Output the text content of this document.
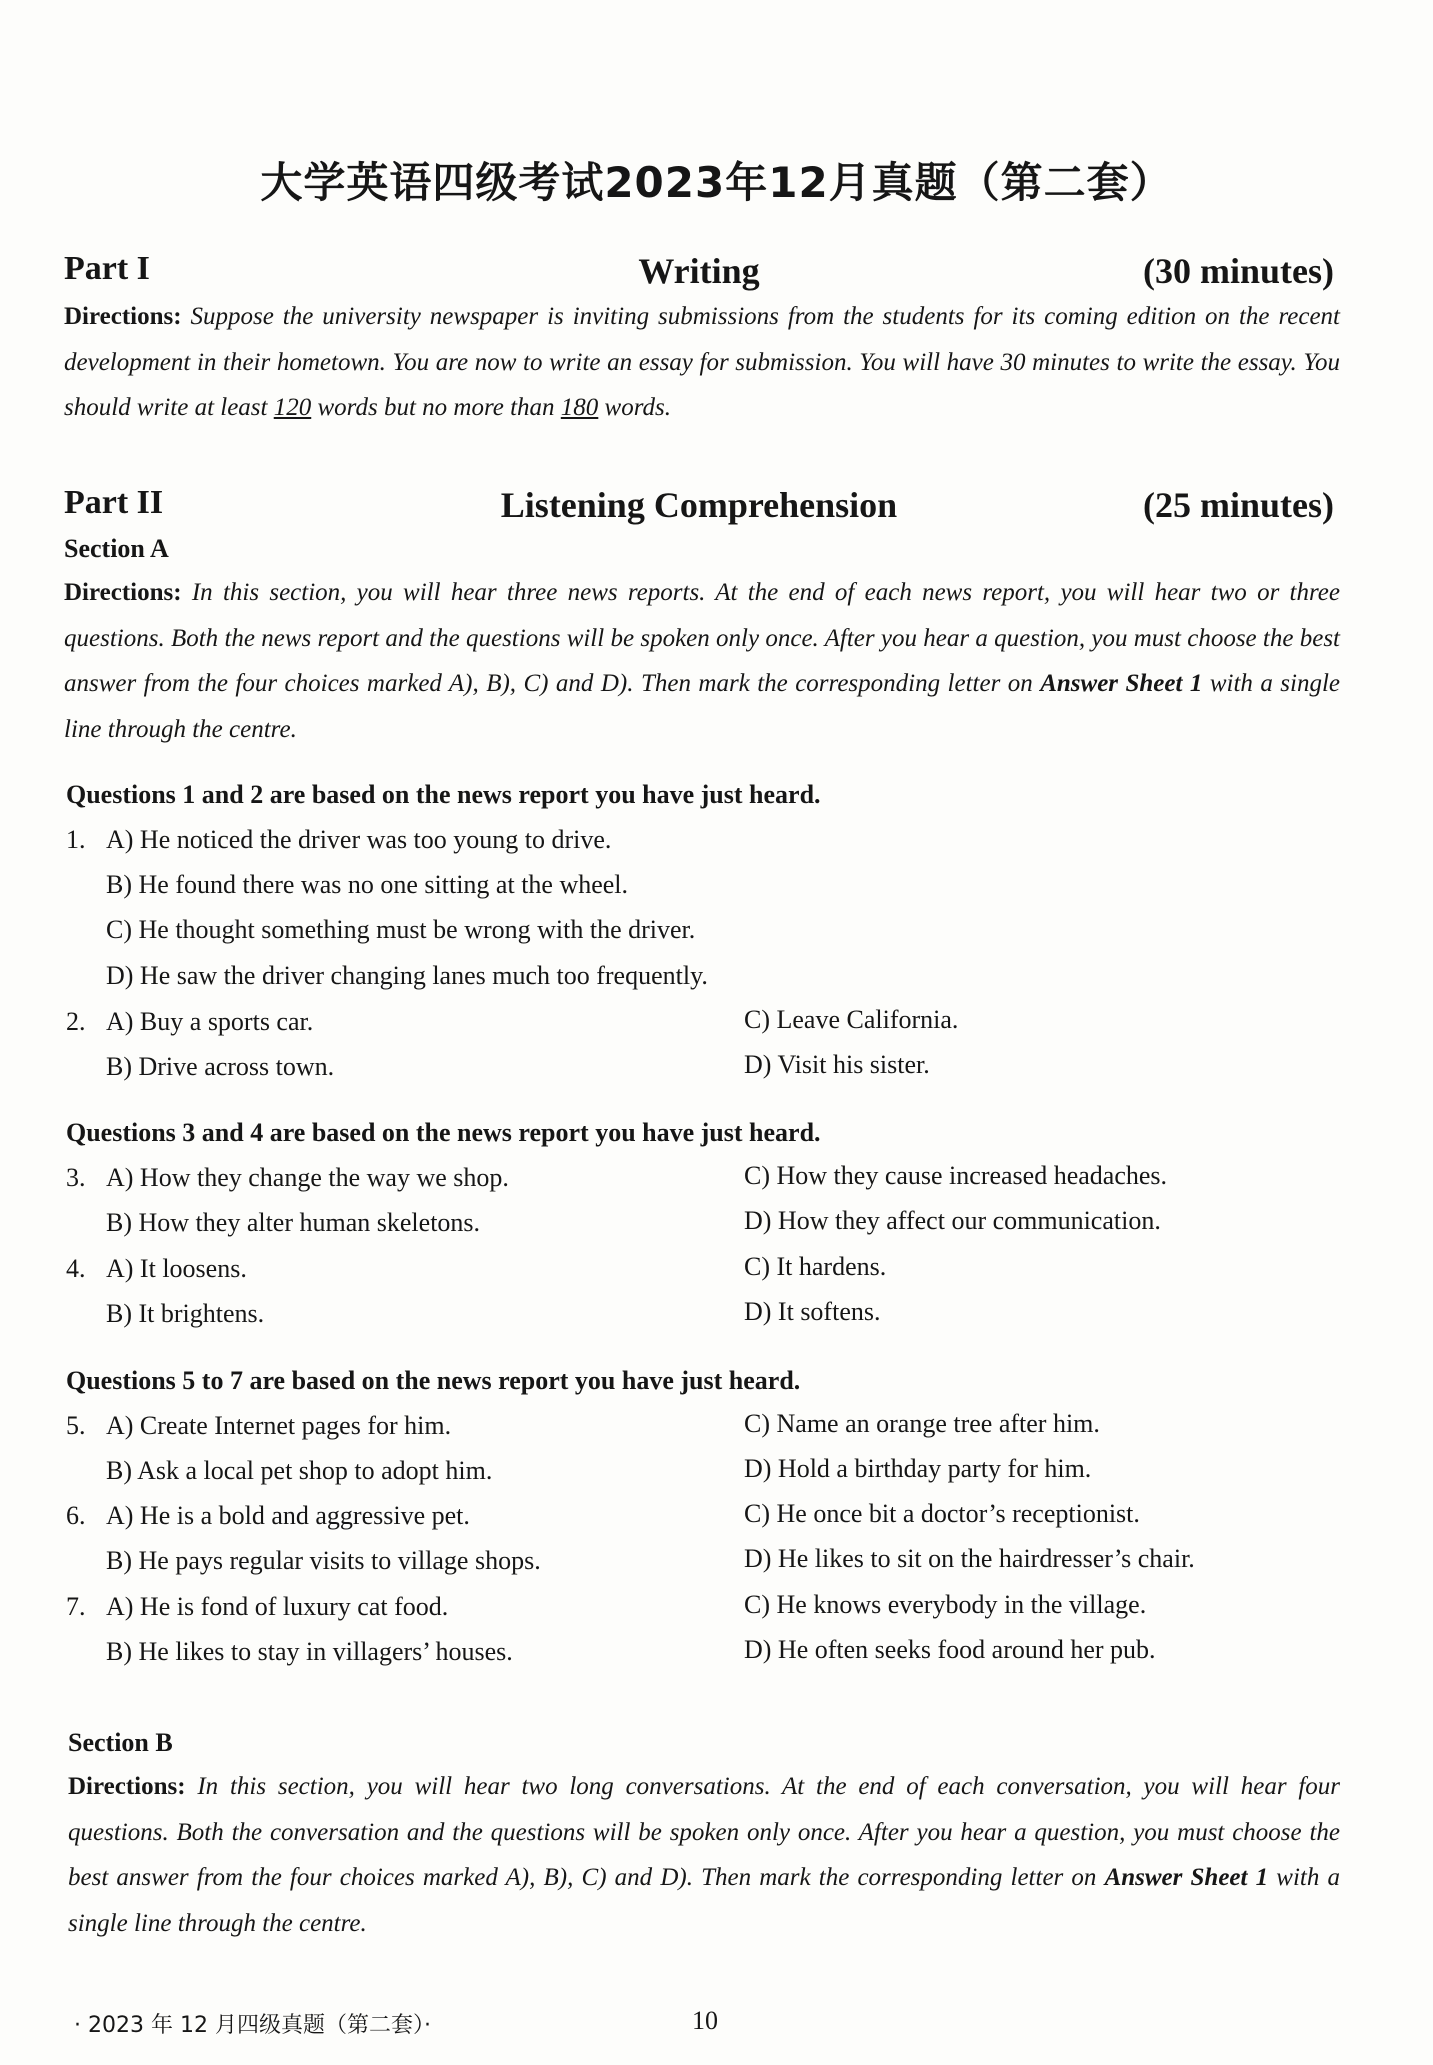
大学英语四级考试2023年12月真题（第二套）
Part I	Writing	(30 minutes)
Directions: Suppose the university newspaper is inviting submissions from the students for its coming edition on the recent development in their hometown. You are now to write an essay for submission. You will have 30 minutes to write the essay. You should write at least 120 words but no more than 180 words.
Part II	Listening Comprehension	(25 minutes)
Section A
Directions: In this section, you will hear three news reports. At the end of each news report, you will hear two or three questions. Both the news report and the questions will be spoken only once. After you hear a question, you must choose the best answer from the four choices marked A), B), C) and D). Then mark the corresponding letter on Answer Sheet 1 with a single line through the centre.
Questions 1 and 2 are based on the news report you have just heard.
1. A) He noticed the driver was too young to drive.
B) He found there was no one sitting at the wheel.
C) He thought something must be wrong with the driver.
D) He saw the driver changing lanes much too frequently.
2. A) Buy a sports car.	C) Leave California.
B) Drive across town.	D) Visit his sister.
Questions 3 and 4 are based on the news report you have just heard.
3. A) How they change the way we shop.	C) How they cause increased headaches.
B) How they alter human skeletons.	D) How they affect our communication.
4. A) It loosens.	C) It hardens.
B) It brightens.	D) It softens.
Questions 5 to 7 are based on the news report you have just heard.
5. A) Create Internet pages for him.	C) Name an orange tree after him.
B) Ask a local pet shop to adopt him.	D) Hold a birthday party for him.
6. A) He is a bold and aggressive pet.	C) He once bit a doctor’s receptionist.
B) He pays regular visits to village shops.	D) He likes to sit on the hairdresser’s chair.
7. A) He is fond of luxury cat food.	C) He knows everybody in the village.
B) He likes to stay in villagers’ houses.	D) He often seeks food around her pub.
Section B
Directions: In this section, you will hear two long conversations. At the end of each conversation, you will hear four questions. Both the conversation and the questions will be spoken only once. After you hear a question, you must choose the best answer from the four choices marked A), B), C) and D). Then mark the corresponding letter on Answer Sheet 1 with a single line through the centre.
· 2023 年 12 月四级真题（第二套）·	10
